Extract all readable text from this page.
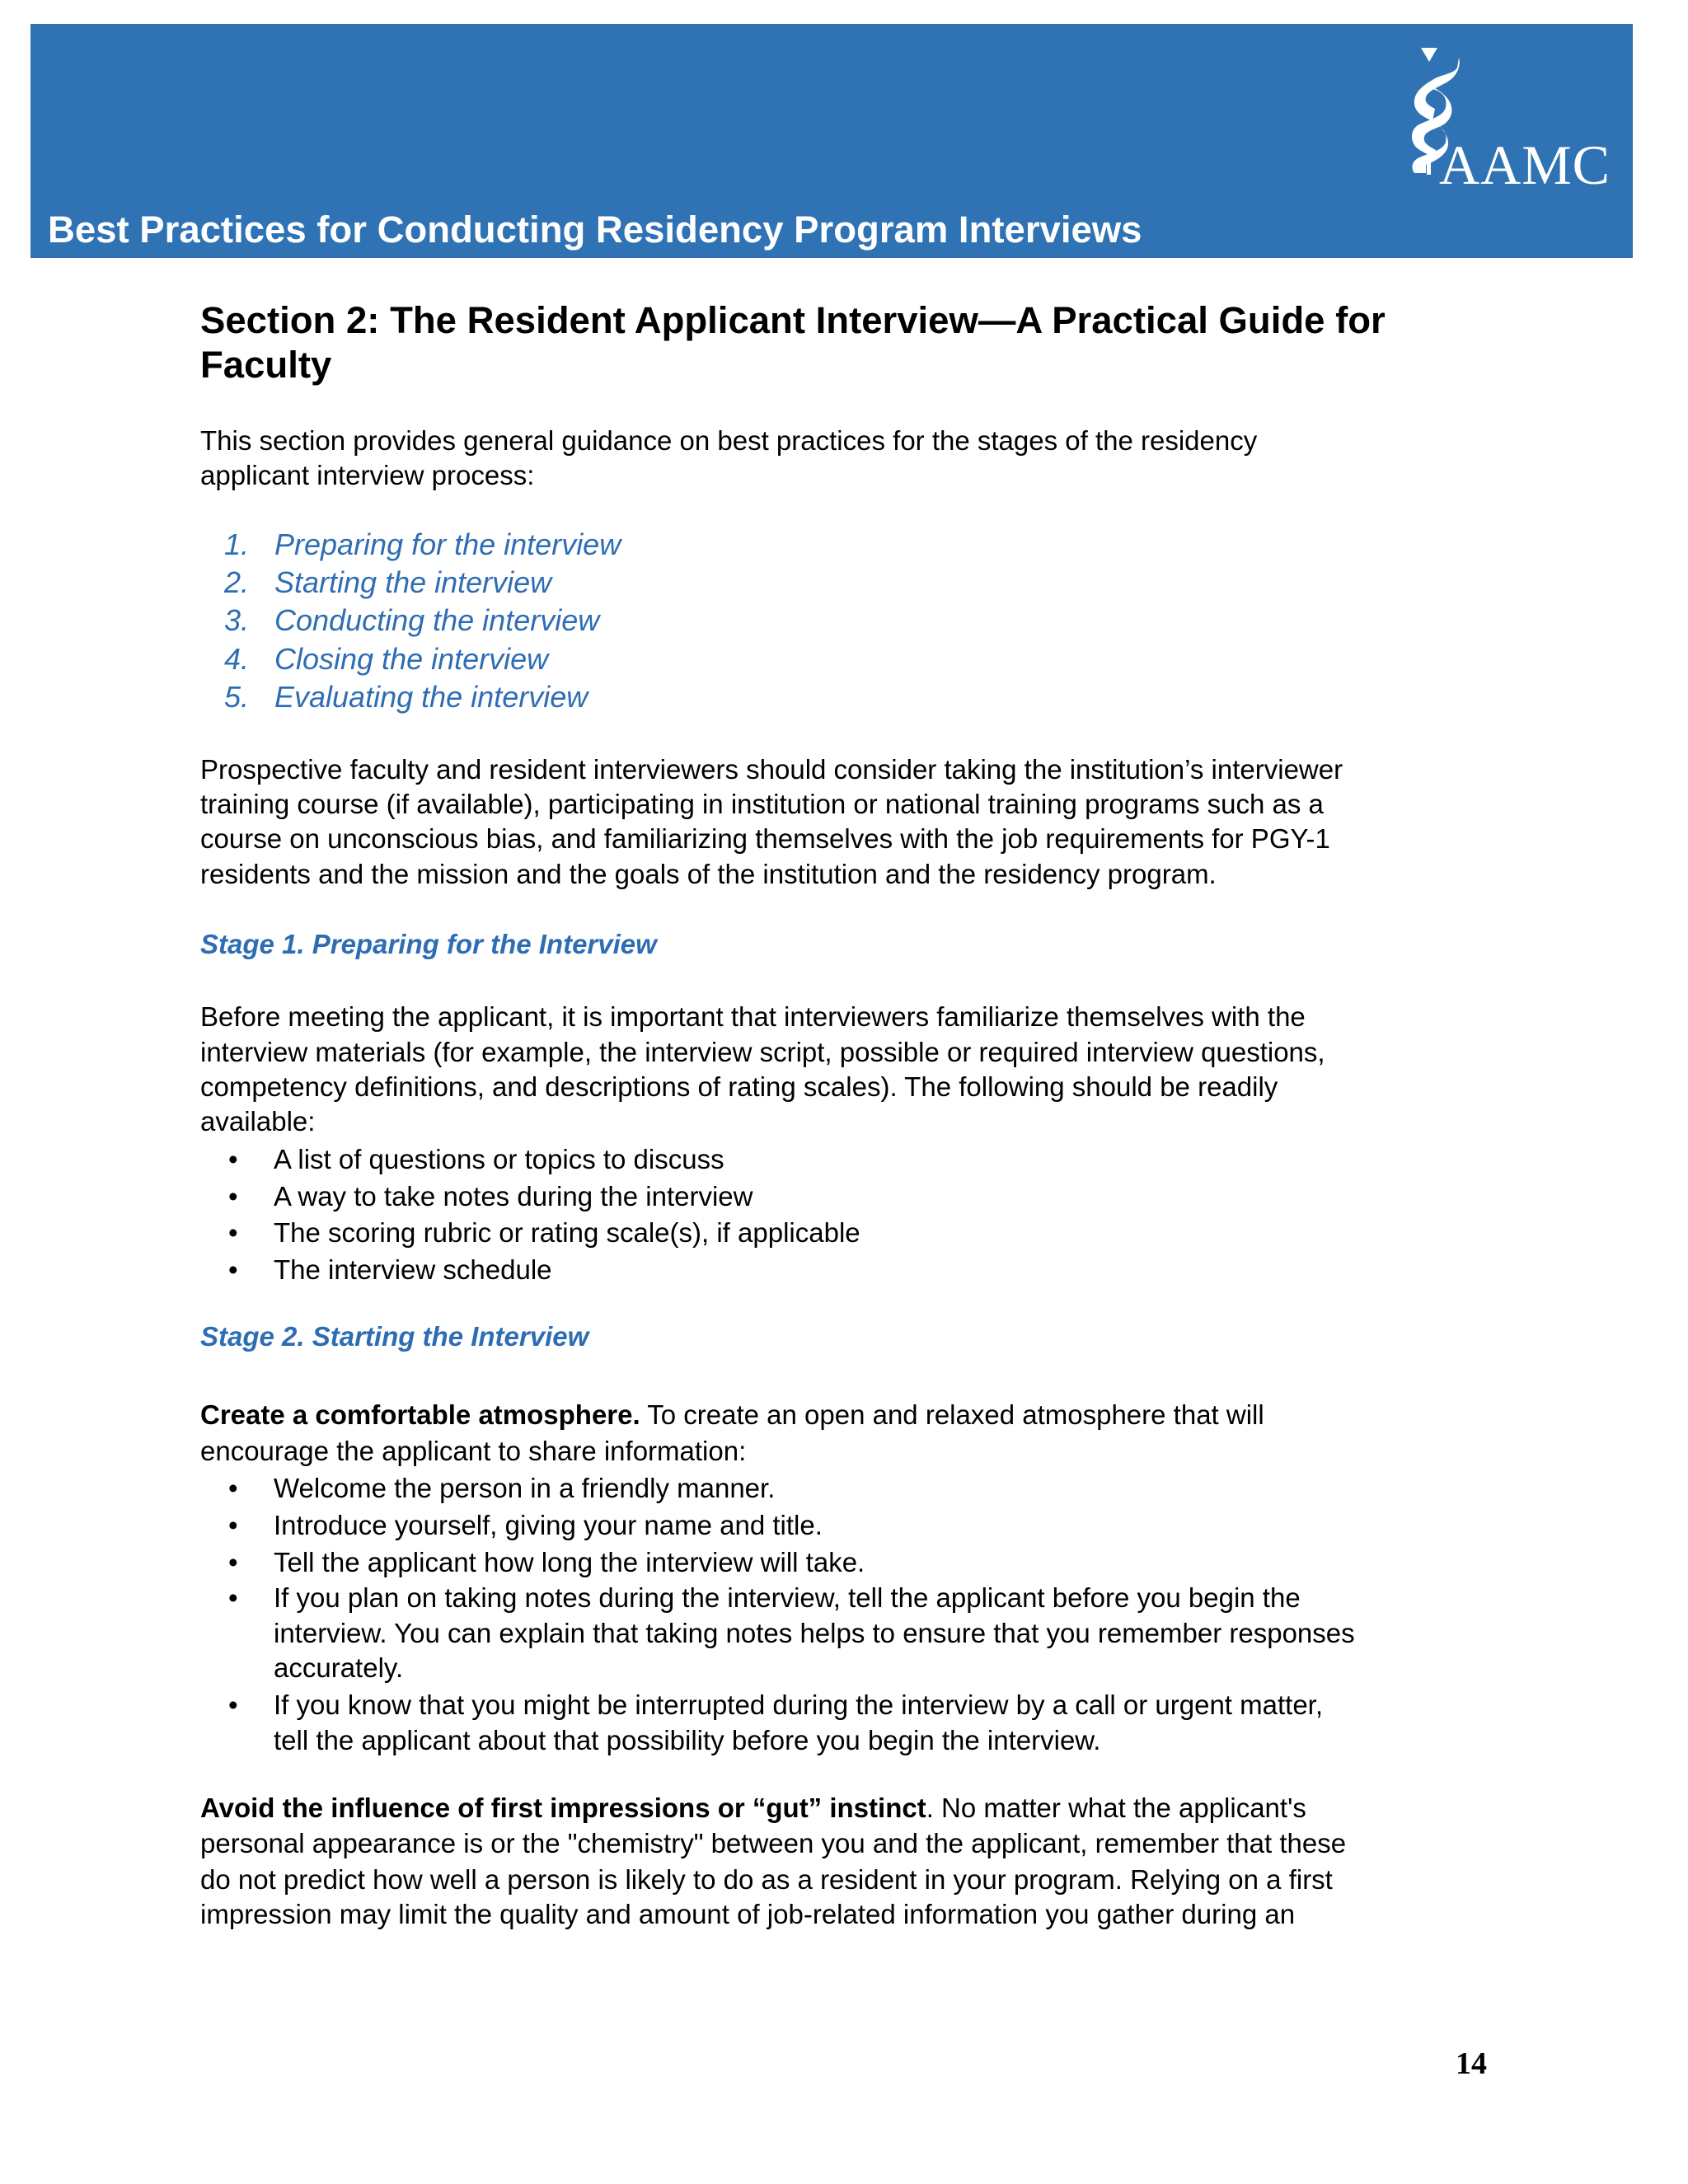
Best Practices for Conducting Residency Program Interviews
AAMC
Section 2: The Resident Applicant Interview—A Practical Guide for
Faculty
This section provides general guidance on best practices for the stages of the residency
applicant interview process:
1. Preparing for the interview
2. Starting the interview
3. Conducting the interview
4. Closing the interview
5. Evaluating the interview
Prospective faculty and resident interviewers should consider taking the institution’s interviewer
training course (if available), participating in institution or national training programs such as a
course on unconscious bias, and familiarizing themselves with the job requirements for PGY-1
residents and the mission and the goals of the institution and the residency program.
Stage 1. Preparing for the Interview
Before meeting the applicant, it is important that interviewers familiarize themselves with the
interview materials (for example, the interview script, possible or required interview questions,
competency definitions, and descriptions of rating scales). The following should be readily
available:
• A list of questions or topics to discuss
• A way to take notes during the interview
• The scoring rubric or rating scale(s), if applicable
• The interview schedule
Stage 2. Starting the Interview
Create a comfortable atmosphere. To create an open and relaxed atmosphere that will
encourage the applicant to share information:
• Welcome the person in a friendly manner.
• Introduce yourself, giving your name and title.
• Tell the applicant how long the interview will take.
• If you plan on taking notes during the interview, tell the applicant before you begin the
interview. You can explain that taking notes helps to ensure that you remember responses
accurately.
• If you know that you might be interrupted during the interview by a call or urgent matter,
tell the applicant about that possibility before you begin the interview.
Avoid the influence of first impressions or “gut” instinct. No matter what the applicant's
personal appearance is or the "chemistry" between you and the applicant, remember that these
do not predict how well a person is likely to do as a resident in your program. Relying on a first
impression may limit the quality and amount of job-related information you gather during an
14
